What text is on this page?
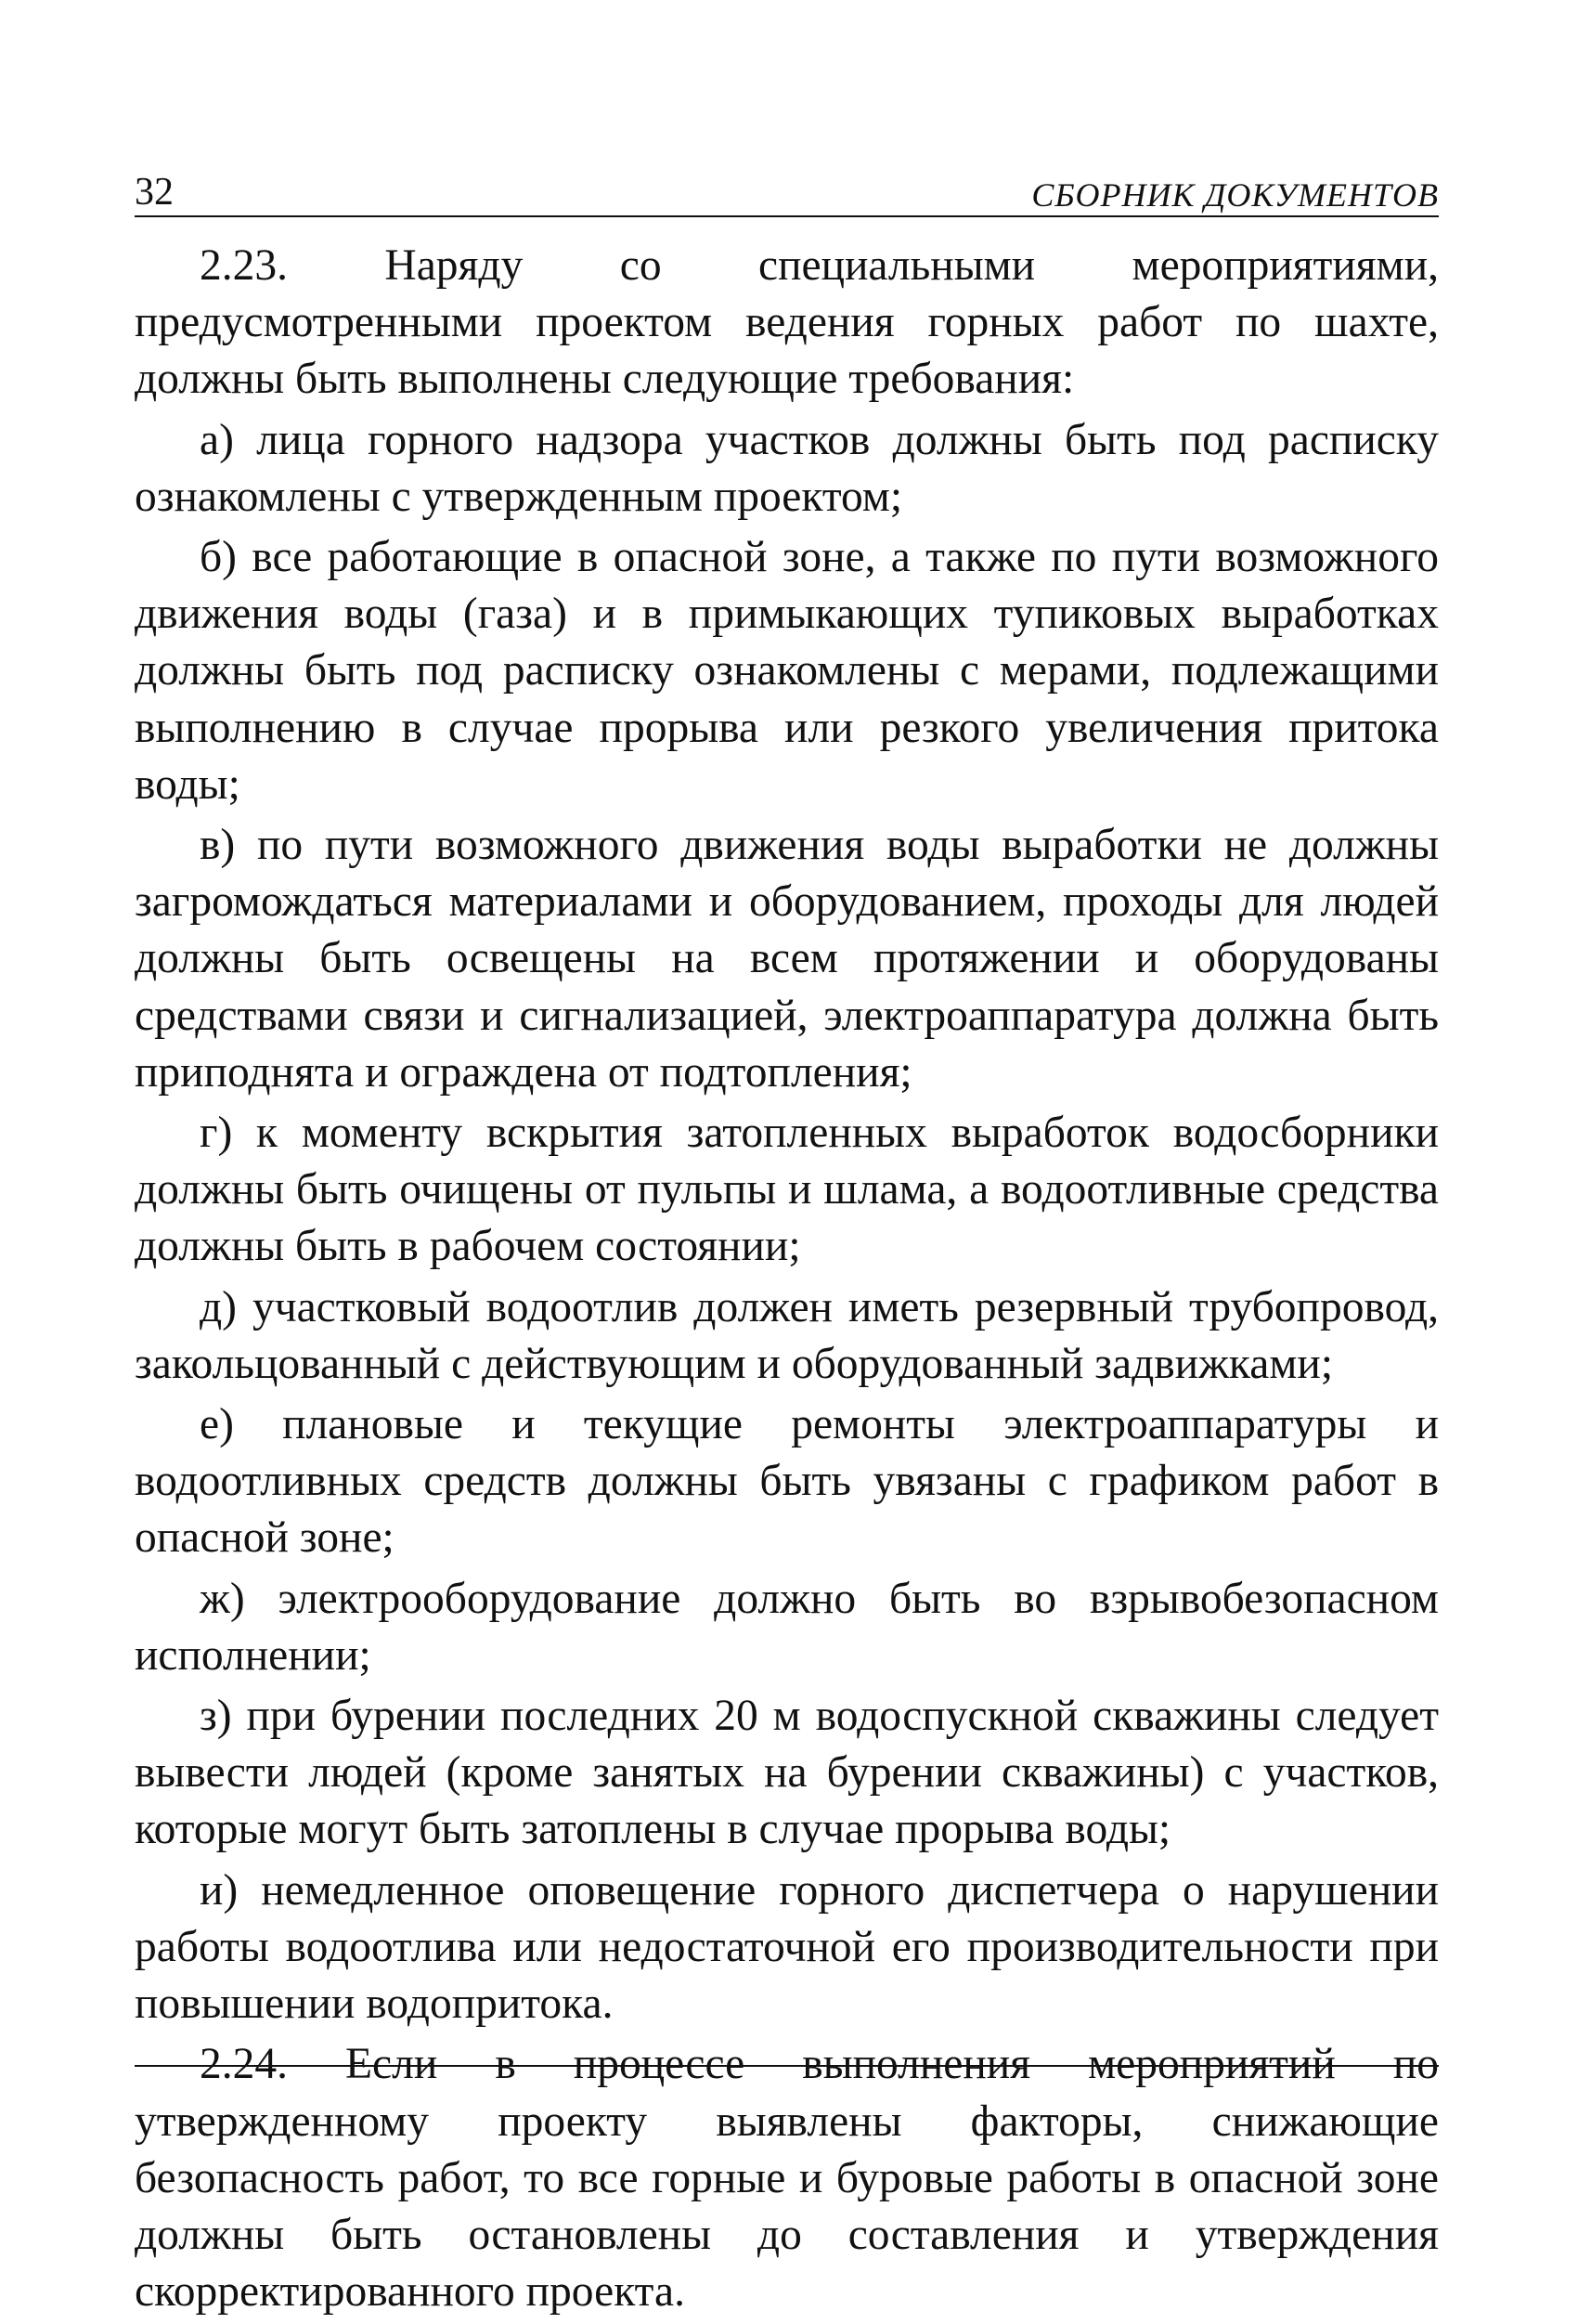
32	СБОРНИК ДОКУМЕНТОВ

2.23. Наряду со специальными мероприятиями, предусмотренными проектом ведения горных работ по шахте, должны быть выполнены следующие требования:

а) лица горного надзора участков должны быть под расписку ознакомлены с утвержденным проектом;

б) все работающие в опасной зоне, а также по пути возможного движения воды (газа) и в примыкающих тупиковых выработках должны быть под расписку ознакомлены с мерами, подлежащими выполнению в случае прорыва или резкого увеличения притока воды;

в) по пути возможного движения воды выработки не должны загромождаться материалами и оборудованием, проходы для людей должны быть освещены на всем протяжении и оборудованы средствами связи и сигнализацией, электроаппаратура должна быть приподнята и ограждена от подтопления;

г) к моменту вскрытия затопленных выработок водосборники должны быть очищены от пульпы и шлама, а водоотливные средства должны быть в рабочем состоянии;

д) участковый водоотлив должен иметь резервный трубопровод, закольцованный с действующим и оборудованный задвижками;

е) плановые и текущие ремонты электроаппаратуры и водоотливных средств должны быть увязаны с графиком работ в опасной зоне;

ж) электрооборудование должно быть во взрывобезопасном исполнении;

з) при бурении последних 20 м водоспускной скважины следует вывести людей (кроме занятых на бурении скважины) с участков, которые могут быть затоплены в случае прорыва воды;

и) немедленное оповещение горного диспетчера о нарушении работы водоотлива или недостаточной его производительности при повышении водопритока.

2.24. Если в процессе выполнения мероприятий по утвержденному проекту выявлены факторы, снижающие безопасность работ, то все горные и буровые работы в опасной зоне должны быть остановлены до составления и утверждения скорректированного проекта.
